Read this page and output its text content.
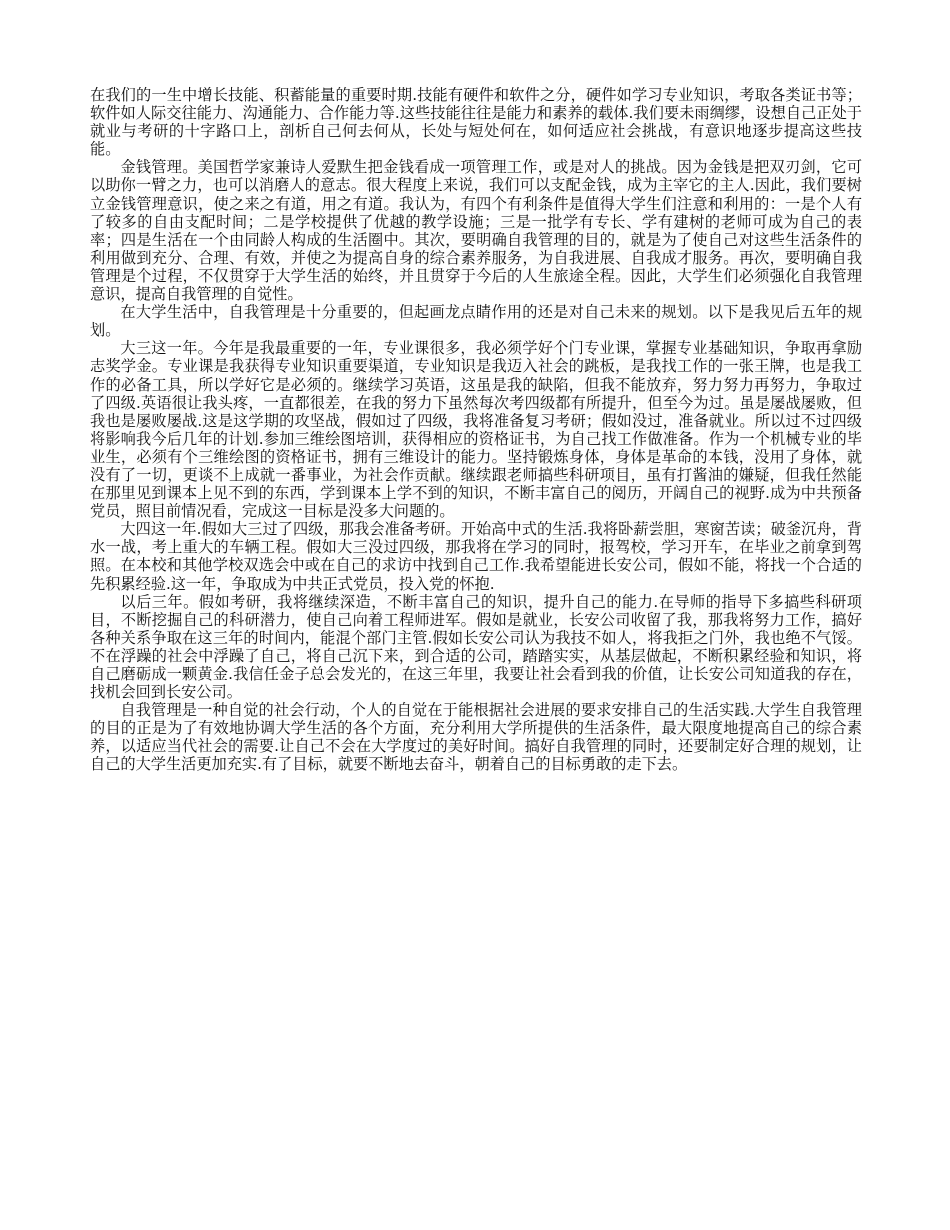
在我们的一生中增长技能、积蓄能量的重要时期.技能有硬件和软件之分，硬件如学习专业知识，考取各类证书等；软件如人际交往能力、沟通能力、合作能力等.这些技能往往是能力和素养的载体.我们要未雨绸缪，设想自己正处于就业与考研的十字路口上，剖析自己何去何从，长处与短处何在，如何适应社会挑战，有意识地逐步提高这些技能。

金钱管理。美国哲学家兼诗人爱默生把金钱看成一项管理工作，或是对人的挑战。因为金钱是把双刃剑，它可以助你一臂之力，也可以消磨人的意志。很大程度上来说，我们可以支配金钱，成为主宰它的主人.因此，我们要树立金钱管理意识，使之来之有道，用之有道。我认为，有四个有利条件是值得大学生们注意和利用的：一是个人有了较多的自由支配时间；二是学校提供了优越的教学设施；三是一批学有专长、学有建树的老师可成为自己的表率；四是生活在一个由同龄人构成的生活圈中。其次，要明确自我管理的目的，就是为了使自己对这些生活条件的利用做到充分、合理、有效，并使之为提高自身的综合素养服务，为自我进展、自我成才服务。再次，要明确自我管理是个过程，不仅贯穿于大学生活的始终，并且贯穿于今后的人生旅途全程。因此，大学生们必须强化自我管理意识，提高自我管理的自觉性。

在大学生活中，自我管理是十分重要的，但起画龙点睛作用的还是对自己未来的规划。以下是我见后五年的规划。

大三这一年。今年是我最重要的一年，专业课很多，我必须学好个门专业课，掌握专业基础知识，争取再拿励志奖学金。专业课是我获得专业知识重要渠道，专业知识是我迈入社会的跳板，是我找工作的一张王牌，也是我工作的必备工具，所以学好它是必须的。继续学习英语，这虽是我的缺陷，但我不能放弃，努力努力再努力，争取过了四级.英语很让我头疼，一直都很差，在我的努力下虽然每次考四级都有所提升，但至今为过。虽是屡战屡败，但我也是屡败屡战.这是这学期的攻坚战，假如过了四级，我将准备复习考研；假如没过，准备就业。所以过不过四级将影响我今后几年的计划.参加三维绘图培训，获得相应的资格证书，为自己找工作做准备。作为一个机械专业的毕业生，必须有个三维绘图的资格证书，拥有三维设计的能力。坚持锻炼身体，身体是革命的本钱，没用了身体，就没有了一切，更谈不上成就一番事业，为社会作贡献。继续跟老师搞些科研项目，虽有打酱油的嫌疑，但我任然能在那里见到课本上见不到的东西，学到课本上学不到的知识，不断丰富自己的阅历，开阔自己的视野.成为中共预备党员，照目前情况看，完成这一目标是没多大问题的。

大四这一年.假如大三过了四级，那我会准备考研。开始高中式的生活.我将卧薪尝胆，寒窗苦读；破釜沉舟，背水一战，考上重大的车辆工程。假如大三没过四级，那我将在学习的同时，报驾校，学习开车，在毕业之前拿到驾照。在本校和其他学校双选会中或在自己的求访中找到自己工作.我希望能进长安公司，假如不能，将找一个合适的先积累经验.这一年，争取成为中共正式党员，投入党的怀抱.

以后三年。假如考研，我将继续深造，不断丰富自己的知识，提升自己的能力.在导师的指导下多搞些科研项目，不断挖掘自己的科研潜力，使自己向着工程师进军。假如是就业，长安公司收留了我，那我将努力工作，搞好各种关系争取在这三年的时间内，能混个部门主管.假如长安公司认为我技不如人，将我拒之门外，我也绝不气馁。不在浮躁的社会中浮躁了自己，将自己沉下来，到合适的公司，踏踏实实，从基层做起，不断积累经验和知识，将自己磨砺成一颗黄金.我信任金子总会发光的，在这三年里，我要让社会看到我的价值，让长安公司知道我的存在，找机会回到长安公司。

自我管理是一种自觉的社会行动，个人的自觉在于能根据社会进展的要求安排自己的生活实践.大学生自我管理的目的正是为了有效地协调大学生活的各个方面，充分利用大学所提供的生活条件，最大限度地提高自己的综合素养，以适应当代社会的需要.让自己不会在大学度过的美好时间。搞好自我管理的同时，还要制定好合理的规划，让自己的大学生活更加充实.有了目标，就要不断地去奋斗，朝着自己的目标勇敢的走下去。
